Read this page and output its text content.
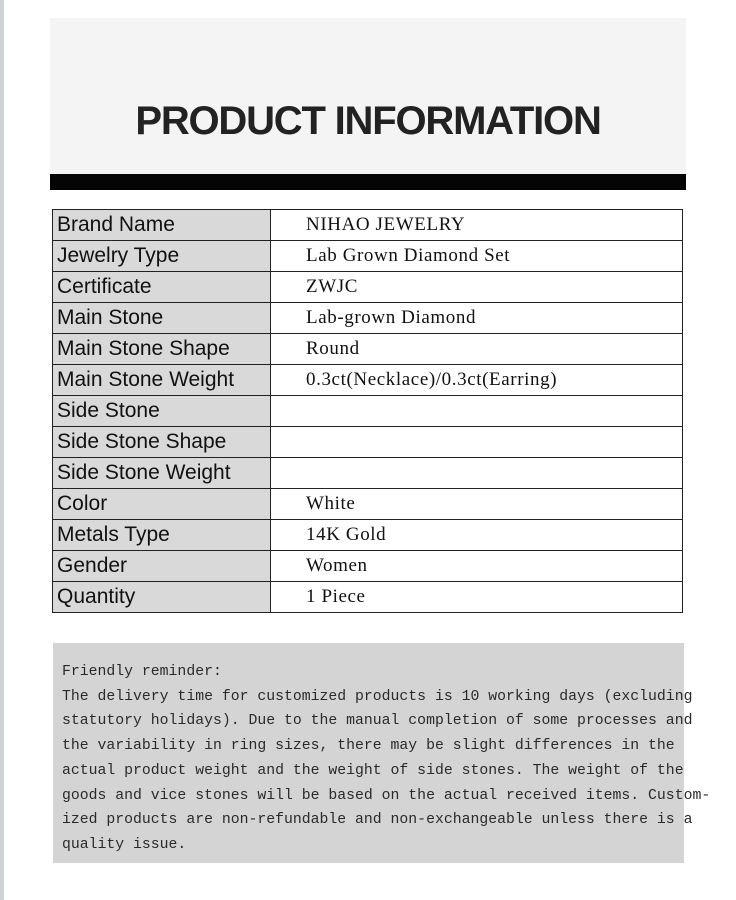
PRODUCT INFORMATION
Brand Name	NIHAO JEWELRY
Jewelry Type	Lab Grown Diamond Set
Certificate	ZWJC
Main Stone	Lab-grown Diamond
Main Stone Shape	Round
Main Stone Weight	0.3ct(Necklace)/0.3ct(Earring)
Side Stone	
Side Stone Shape	
Side Stone Weight	
Color	White
Metals Type	14K Gold
Gender	Women
Quantity	1 Piece
Friendly reminder:
The delivery time for customized products is 10 working days (excluding
statutory holidays). Due to the manual completion of some processes and
the variability in ring sizes, there may be slight differences in the
actual product weight and the weight of side stones. The weight of the
goods and vice stones will be based on the actual received items. Custom-
ized products are non-refundable and non-exchangeable unless there is a
quality issue.
